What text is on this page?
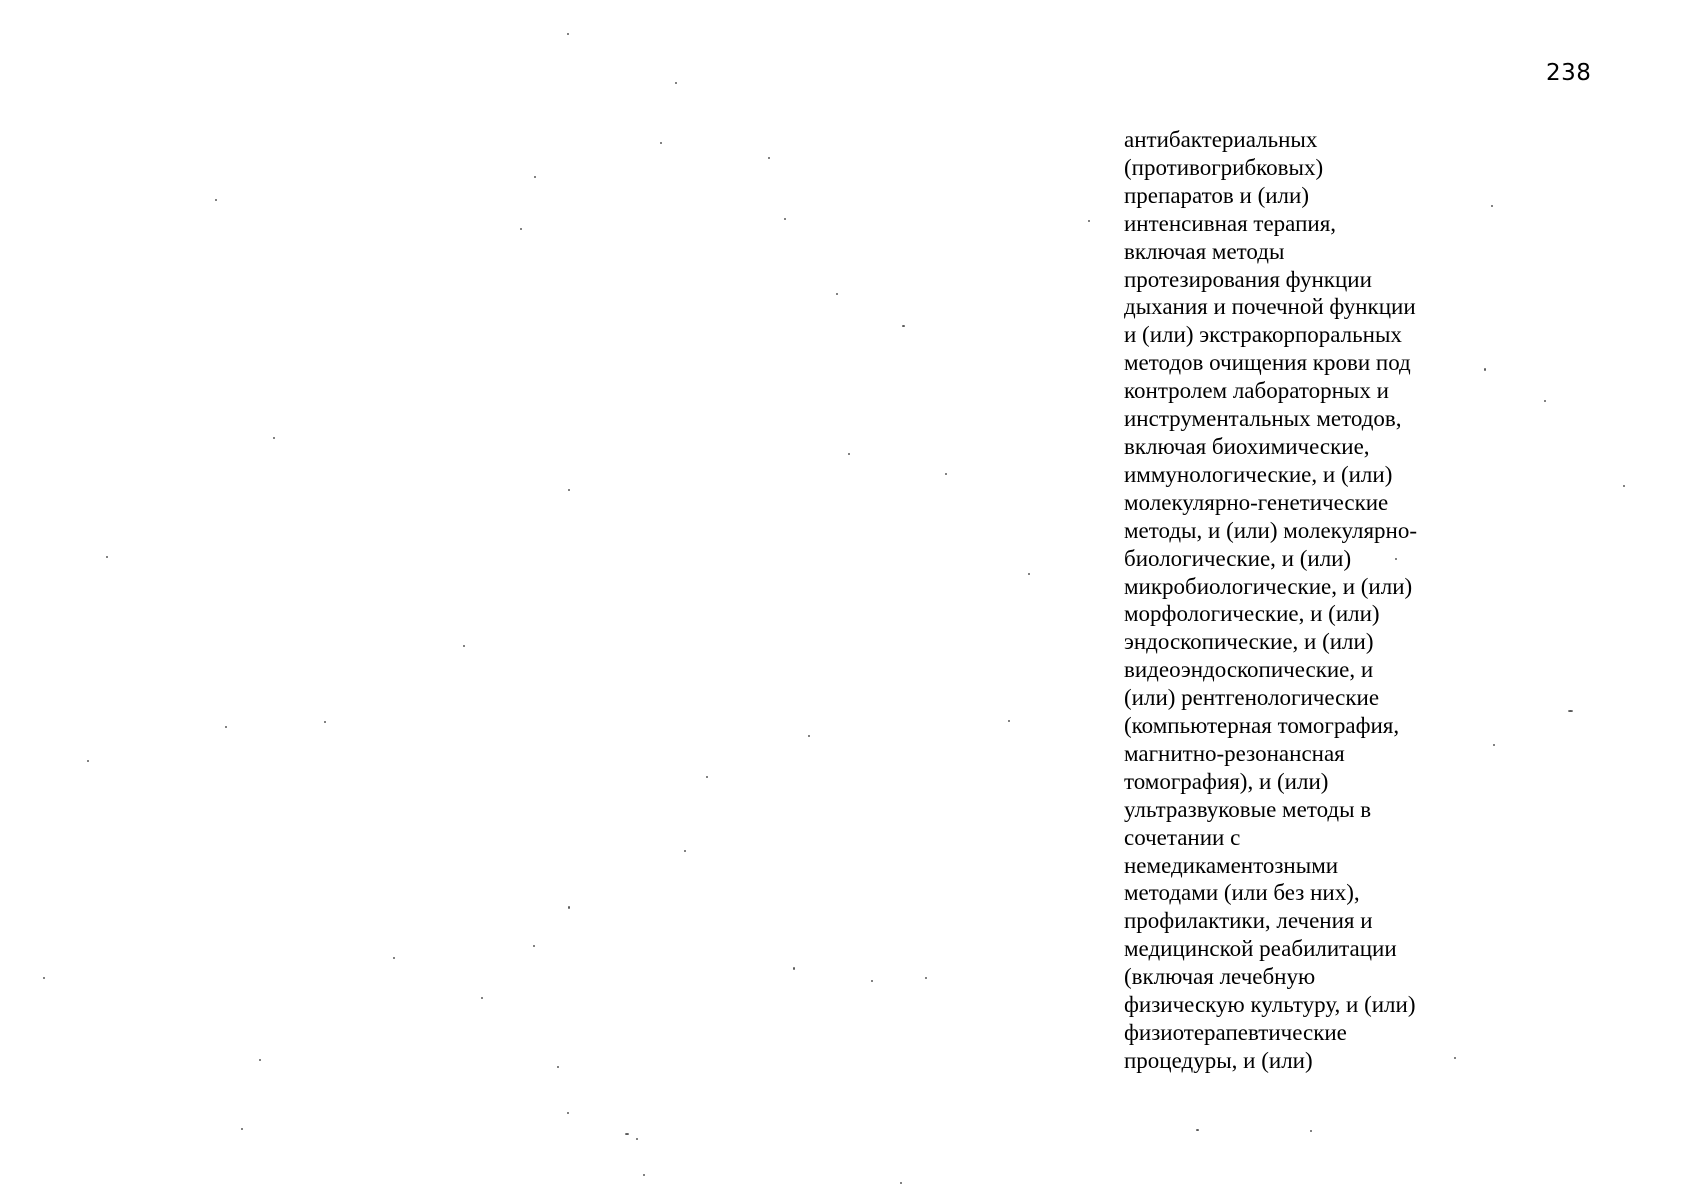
238
антибактериальных
(противогрибковых)
препаратов и (или)
интенсивная терапия,
включая методы
протезирования функции
дыхания и почечной функции
и (или) экстракорпоральных
методов очищения крови под
контролем лабораторных и
инструментальных методов,
включая биохимические,
иммунологические, и (или)
молекулярно-генетические
методы, и (или) молекулярно-
биологические, и (или)
микробиологические, и (или)
морфологические, и (или)
эндоскопические, и (или)
видеоэндоскопические, и
(или) рентгенологические
(компьютерная томография,
магнитно-резонансная
томография), и (или)
ультразвуковые методы в
сочетании с
немедикаментозными
методами (или без них),
профилактики, лечения и
медицинской реабилитации
(включая лечебную
физическую культуру, и (или)
физиотерапевтические
процедуры, и (или)
